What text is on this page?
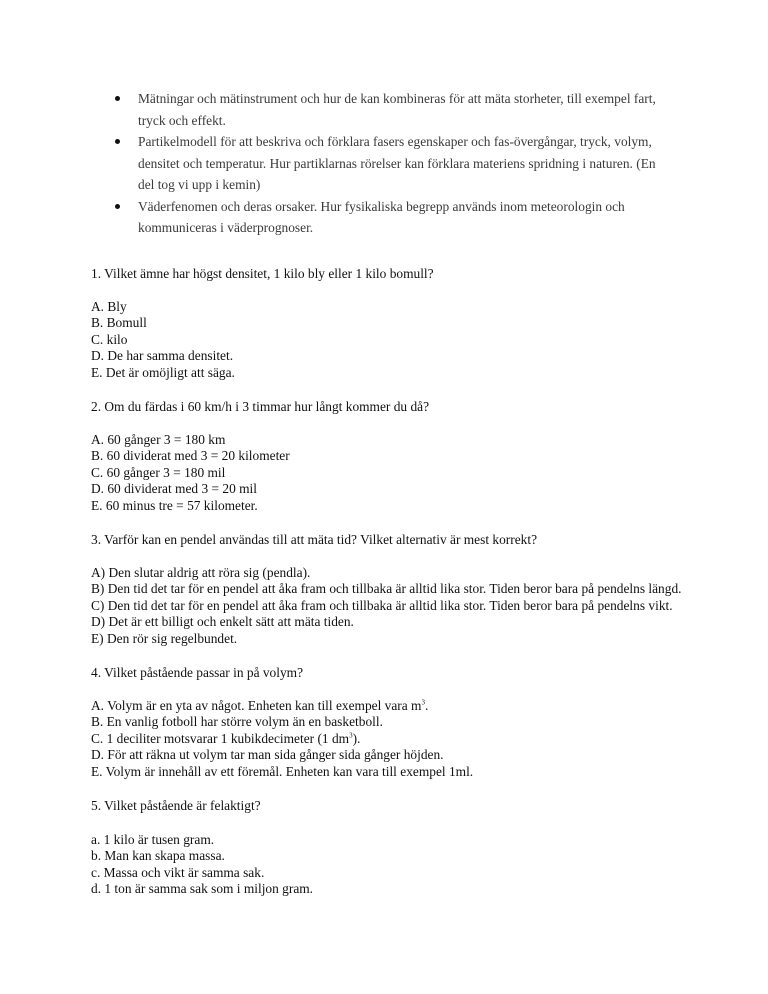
Mätningar och mätinstrument och hur de kan kombineras för att mäta storheter, till exempel fart, tryck och effekt.
Partikelmodell för att beskriva och förklara fasers egenskaper och fas-övergångar, tryck, volym, densitet och temperatur. Hur partiklarnas rörelser kan förklara materiens spridning i naturen. (En del tog vi upp i kemin)
Väderfenomen och deras orsaker. Hur fysikaliska begrepp används inom meteorologin och kommuniceras i väderprognoser.

1. Vilket ämne har högst densitet, 1 kilo bly eller 1 kilo bomull?

A. Bly
B. Bomull
C. kilo
D. De har samma densitet.
E. Det är omöjligt att säga.

2. Om du färdas i 60 km/h i 3 timmar hur långt kommer du då?

A. 60 gånger 3 = 180 km
B. 60 dividerat med 3 = 20 kilometer
C. 60 gånger 3 = 180 mil
D. 60 dividerat med 3 = 20 mil
E. 60 minus tre = 57 kilometer.

3. Varför kan en pendel användas till att mäta tid? Vilket alternativ är mest korrekt?

A) Den slutar aldrig att röra sig (pendla).
B) Den tid det tar för en pendel att åka fram och tillbaka är alltid lika stor. Tiden beror bara på pendelns längd.
C) Den tid det tar för en pendel att åka fram och tillbaka är alltid lika stor. Tiden beror bara på pendelns vikt.
D) Det är ett billigt och enkelt sätt att mäta tiden.
E) Den rör sig regelbundet.

4. Vilket påstående passar in på volym?

A. Volym är en yta av något. Enheten kan till exempel vara $m^3$.
B. En vanlig fotboll har större volym än en basketboll.
C. 1 deciliter motsvarar 1 kubikdecimeter (1 $dm^3$).
D. För att räkna ut volym tar man sida gånger sida gånger höjden.
E. Volym är innehåll av ett föremål. Enheten kan vara till exempel 1ml.

5. Vilket påstående är felaktigt?

a. 1 kilo är tusen gram.
b. Man kan skapa massa.
c. Massa och vikt är samma sak.
d. 1 ton är samma sak som i miljon gram.
